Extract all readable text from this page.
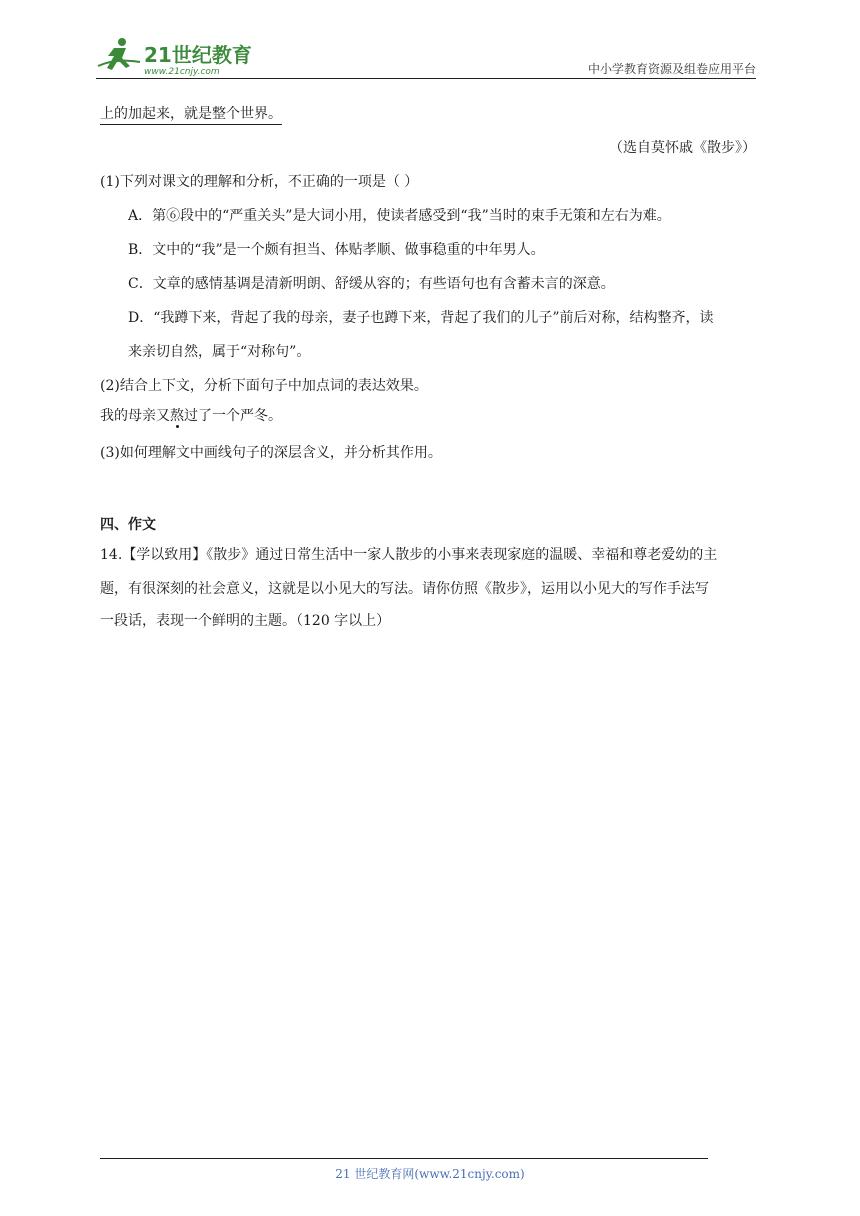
21世纪教育
www.21cnjy.com	中小学教育资源及组卷应用平台
上的加起来，就是整个世界。
（选自莫怀戚《散步》）
(1)下列对课文的理解和分析，不正确的一项是（ ）
A．第⑥段中的“严重关头”是大词小用，使读者感受到“我”当时的束手无策和左右为难。
B．文中的“我”是一个颇有担当、体贴孝顺、做事稳重的中年男人。
C．文章的感情基调是清新明朗、舒缓从容的；有些语句也有含蓄未言的深意。
D．“我蹲下来，背起了我的母亲，妻子也蹲下来，背起了我们的儿子”前后对称，结构整齐，读
来亲切自然，属于“对称句”。
(2)结合上下文，分析下面句子中加点词的表达效果。
我的母亲又熬过了一个严冬。
(3)如何理解文中画线句子的深层含义，并分析其作用。
四、作文
14.【学以致用】《散步》通过日常生活中一家人散步的小事来表现家庭的温暖、幸福和尊老爱幼的主
题，有很深刻的社会意义，这就是以小见大的写法。请你仿照《散步》，运用以小见大的写作手法写
一段话，表现一个鲜明的主题。（120 字以上）
21 世纪教育网(www.21cnjy.com)
